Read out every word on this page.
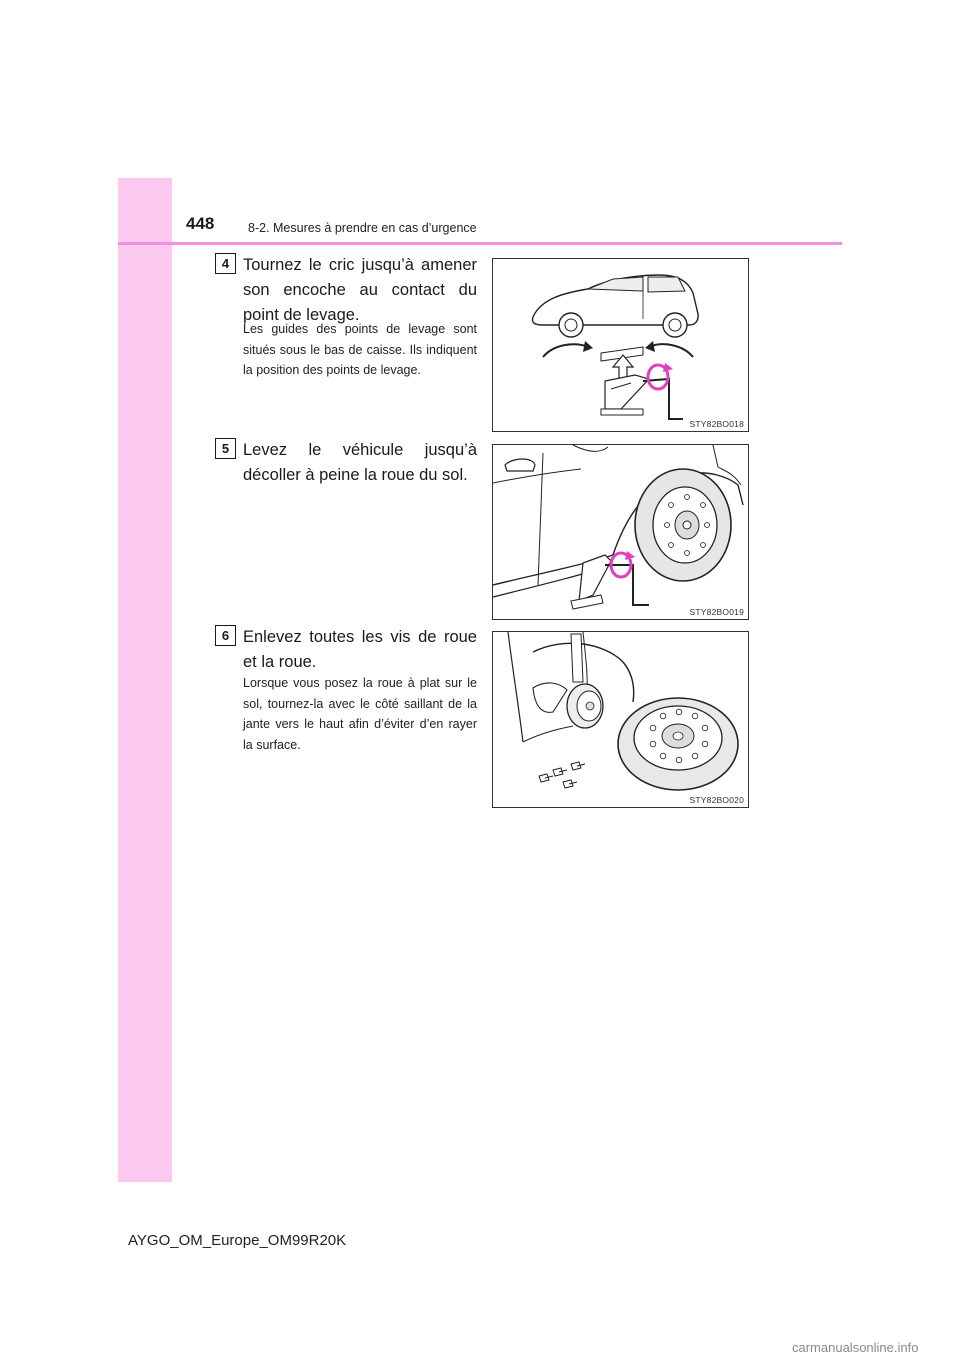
448	8-2. Mesures à prendre en cas d’urgence
4 Tournez le cric jusqu’à amener son encoche au contact du point de levage.
Les guides des points de levage sont situés sous le bas de caisse. Ils indiquent la position des points de levage.
STY82BO018
5 Levez le véhicule jusqu’à décoller à peine la roue du sol.
STY82BO019
6 Enlevez toutes les vis de roue et la roue.
Lorsque vous posez la roue à plat sur le sol, tournez-la avec le côté saillant de la jante vers le haut afin d’éviter d’en rayer la surface.
STY82BO020
AYGO_OM_Europe_OM99R20K
carmanualsonline.info
